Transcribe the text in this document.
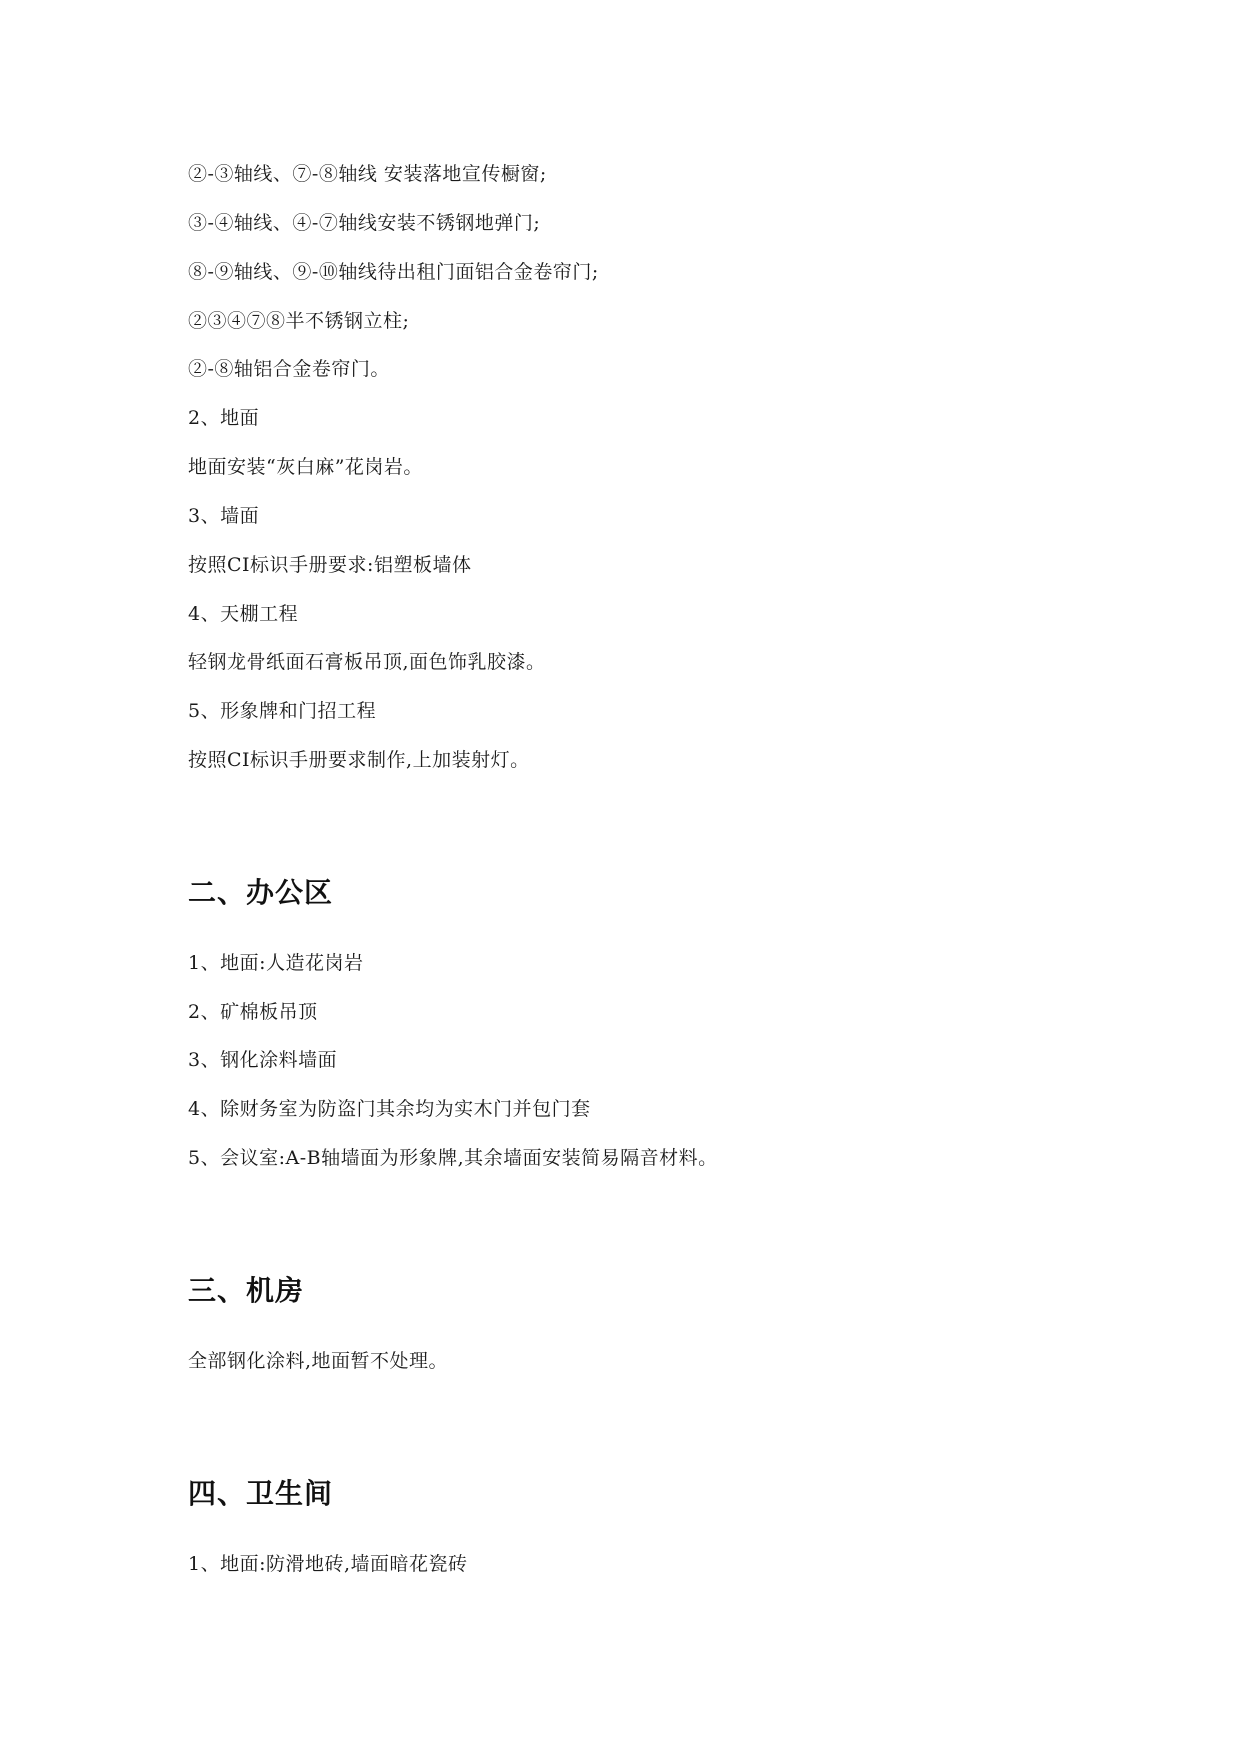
②-③轴线、⑦-⑧轴线 安装落地宣传橱窗;
③-④轴线、④-⑦轴线安装不锈钢地弹门;
⑧-⑨轴线、⑨-⑩轴线待出租门面铝合金卷帘门;
②③④⑦⑧半不锈钢立柱;
②-⑧轴铝合金卷帘门。
2、地面
地面安装“灰白麻”花岗岩。
3、墙面
按照CI标识手册要求:铝塑板墙体
4、天棚工程
轻钢龙骨纸面石膏板吊顶,面色饰乳胶漆。
5、形象牌和门招工程
按照CI标识手册要求制作,上加装射灯。
二、办公区
1、地面:人造花岗岩
2、矿棉板吊顶
3、钢化涂料墙面
4、除财务室为防盗门其余均为实木门并包门套
5、会议室:A-B轴墙面为形象牌,其余墙面安装简易隔音材料。
三、机房
全部钢化涂料,地面暂不处理。
四、卫生间
1、地面:防滑地砖,墙面暗花瓷砖
